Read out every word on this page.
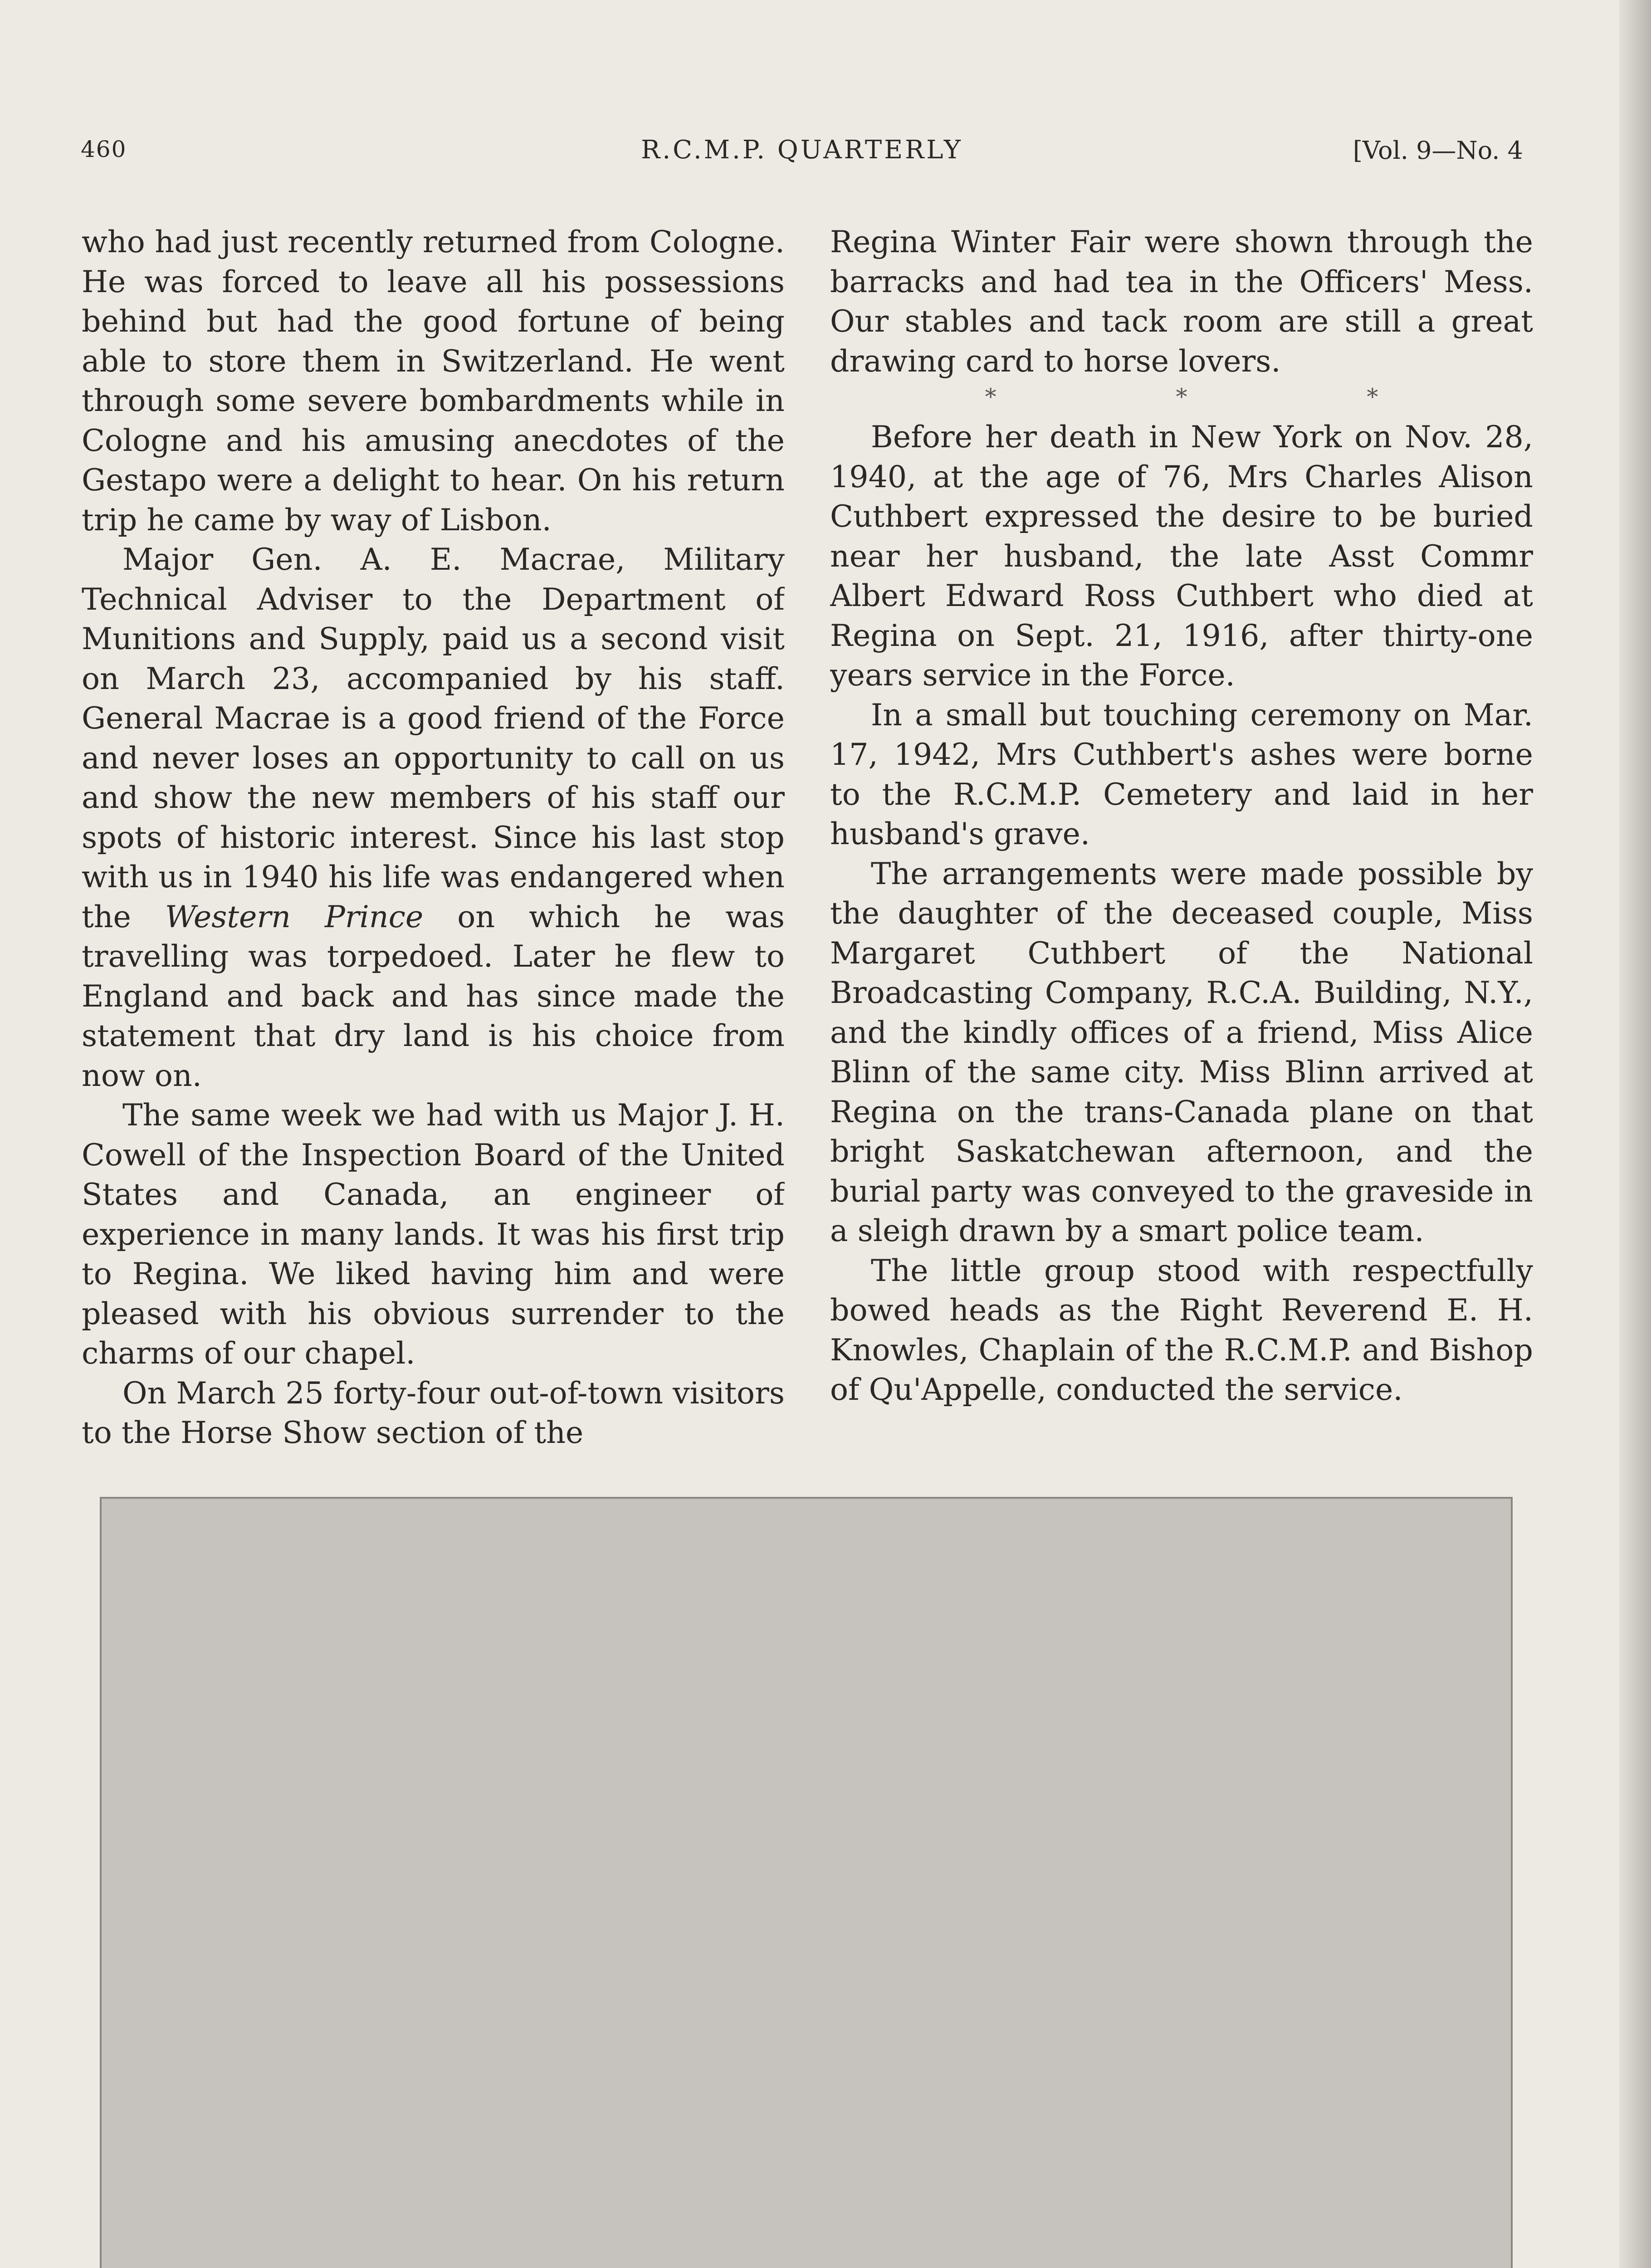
460	R.C.M.P. QUARTERLY	[Vol. 9—No. 4

who had just recently returned from Cologne. He was forced to leave all his possessions behind but had the good fortune of being able to store them in Switzerland. He went through some severe bombardments while in Cologne and his amusing anecdotes of the Gestapo were a delight to hear. On his return trip he came by way of Lisbon.

Major Gen. A. E. Macrae, Military Technical Adviser to the Department of Munitions and Supply, paid us a second visit on March 23, accompanied by his staff. General Macrae is a good friend of the Force and never loses an opportunity to call on us and show the new members of his staff our spots of historic interest. Since his last stop with us in 1940 his life was endangered when the Western Prince on which he was travelling was torpedoed. Later he flew to England and back and has since made the statement that dry land is his choice from now on.

The same week we had with us Major J. H. Cowell of the Inspection Board of the United States and Canada, an engineer of experience in many lands. It was his first trip to Regina. We liked having him and were pleased with his obvious surrender to the charms of our chapel.

On March 25 forty-four out-of-town visitors to the Horse Show section of the

Regina Winter Fair were shown through the barracks and had tea in the Officers' Mess. Our stables and tack room are still a great drawing card to horse lovers.

* * *

Before her death in New York on Nov. 28, 1940, at the age of 76, Mrs Charles Alison Cuthbert expressed the desire to be buried near her husband, the late Asst Commr Albert Edward Ross Cuthbert who died at Regina on Sept. 21, 1916, after thirty-one years service in the Force.

In a small but touching ceremony on Mar. 17, 1942, Mrs Cuthbert's ashes were borne to the R.C.M.P. Cemetery and laid in her husband's grave.

The arrangements were made possible by the daughter of the deceased couple, Miss Margaret Cuthbert of the National Broadcasting Company, R.C.A. Building, N.Y., and the kindly offices of a friend, Miss Alice Blinn of the same city. Miss Blinn arrived at Regina on the trans-Canada plane on that bright Saskatchewan afternoon, and the burial party was conveyed to the graveside in a sleigh drawn by a smart police team.

The little group stood with respectfully bowed heads as the Right Reverend E. H. Knowles, Chaplain of the R.C.M.P. and Bishop of Qu'Appelle, conducted the service.
